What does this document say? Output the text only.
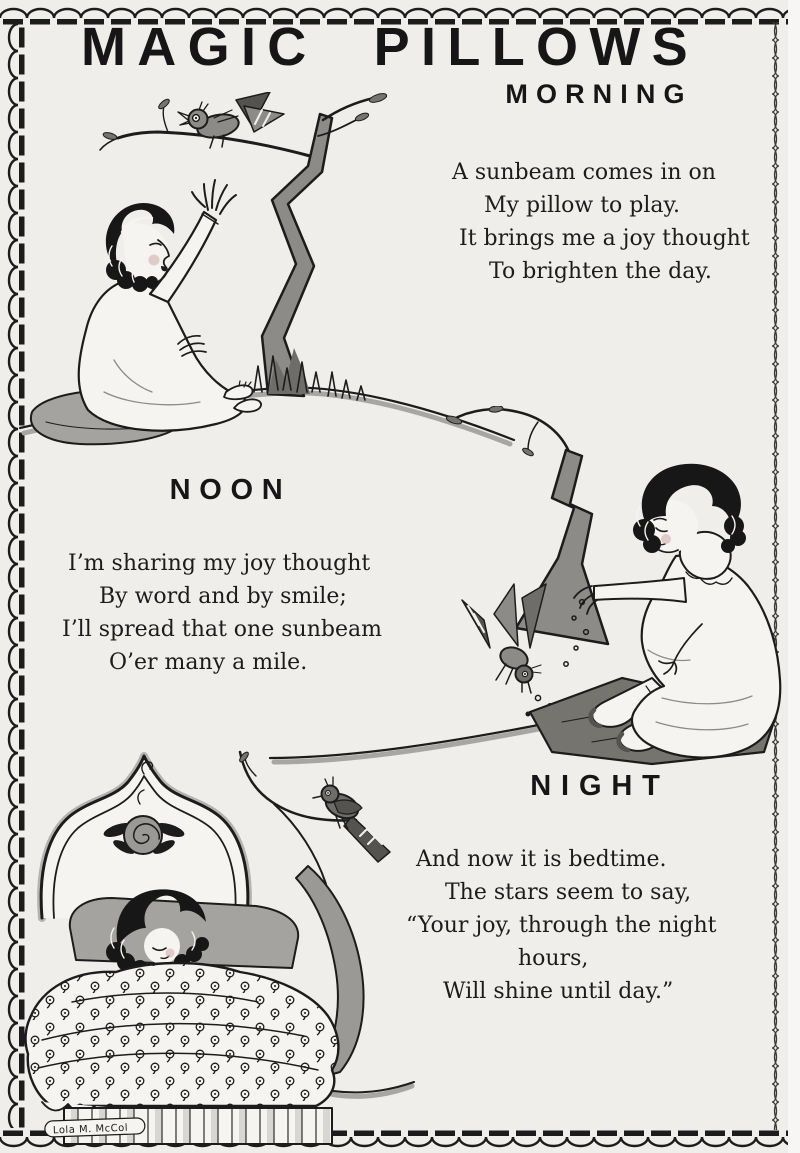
MAGIC PILLOWS
MORNING
A sunbeam comes in on
My pillow to play.
It brings me a joy thought
To brighten the day.
NOON
I’m sharing my joy thought
By word and by smile;
I’ll spread that one sunbeam
O’er many a mile.
NIGHT
And now it is bedtime.
The stars seem to say,
“Your joy, through the night
hours,
Will shine until day.”
Lola M. McCol
